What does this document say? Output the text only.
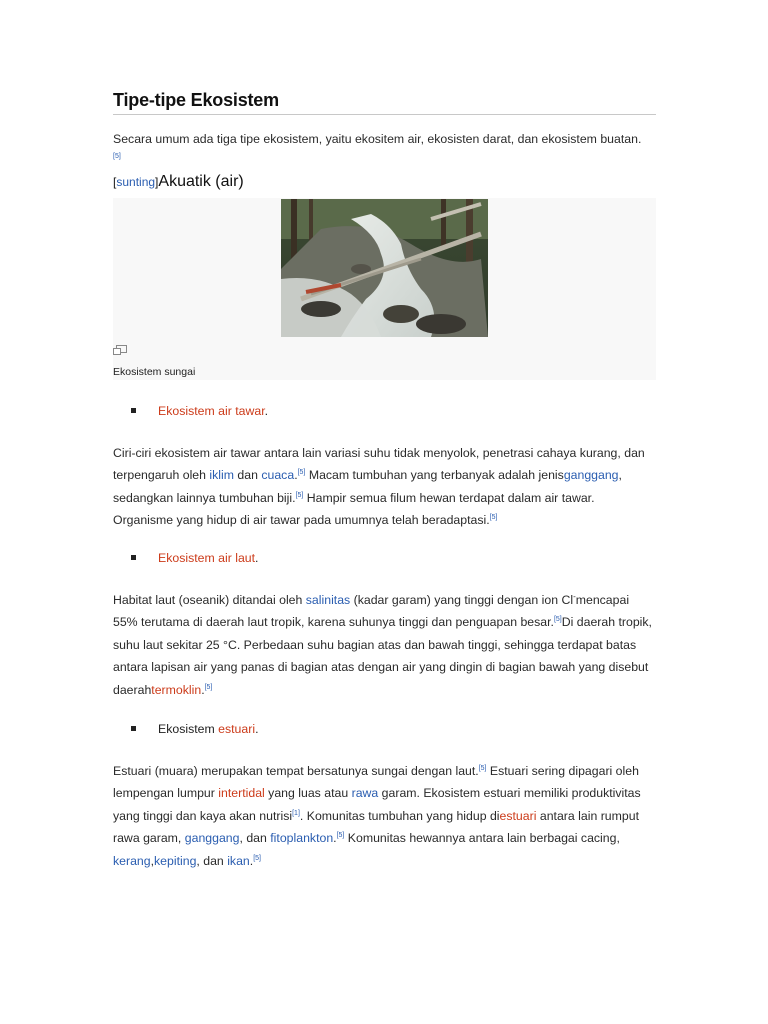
Tipe-tipe Ekosistem

Secara umum ada tiga tipe ekosistem, yaitu ekositem air, ekosisten darat, dan ekosistem buatan.

[5]
[sunting]Akuatik (air)
Ekosistem sungai
Ekosistem air tawar.

Ciri-ciri ekosistem air tawar antara lain variasi suhu tidak menyolok, penetrasi cahaya kurang, dan terpengaruh oleh iklim dan cuaca.[5] Macam tumbuhan yang terbanyak adalah jenisganggang, sedangkan lainnya tumbuhan biji.[5] Hampir semua filum hewan terdapat dalam air tawar. Organisme yang hidup di air tawar pada umumnya telah beradaptasi.[5]

Ekosistem air laut.

Habitat laut (oseanik) ditandai oleh salinitas (kadar garam) yang tinggi dengan ion Cl-mencapai 55% terutama di daerah laut tropik, karena suhunya tinggi dan penguapan besar.[5]Di daerah tropik, suhu laut sekitar 25 °C. Perbedaan suhu bagian atas dan bawah tinggi, sehingga terdapat batas antara lapisan air yang panas di bagian atas dengan air yang dingin di bagian bawah yang disebut daerahtermoklin.[5]

Ekosistem estuari.

Estuari (muara) merupakan tempat bersatunya sungai dengan laut.[5] Estuari sering dipagari oleh lempengan lumpur intertidal yang luas atau rawa garam. Ekosistem estuari memiliki produktivitas yang tinggi dan kaya akan nutrisi[1]. Komunitas tumbuhan yang hidup diestuari antara lain rumput rawa garam, ganggang, dan fitoplankton.[5] Komunitas hewannya antara lain berbagai cacing, kerang,kepiting, dan ikan.[5]
